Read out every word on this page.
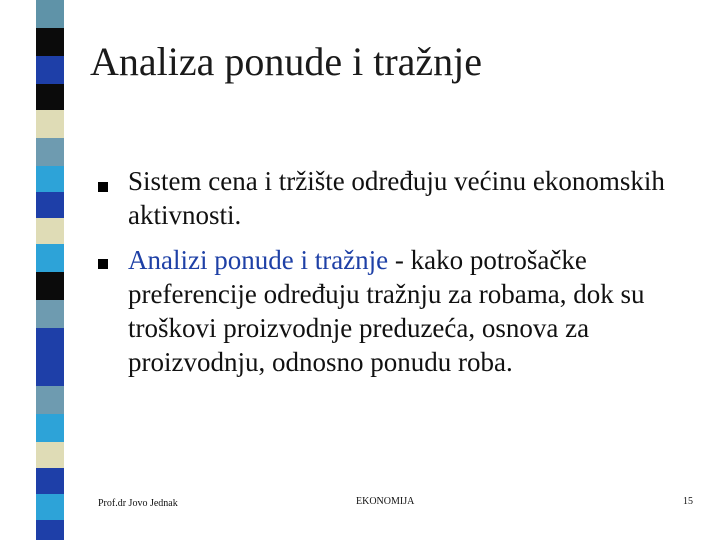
Analiza ponude i tražnje
Sistem cena i tržište određuju većinu ekonomskih aktivnosti.
Analizi ponude i tražnje - kako potrošačke preferencije određuju tražnju za robama, dok su troškovi proizvodnje preduzeća, osnova za proizvodnju, odnosno ponudu roba.
Prof.dr Jovo Jednak	EKONOMIJA	15
